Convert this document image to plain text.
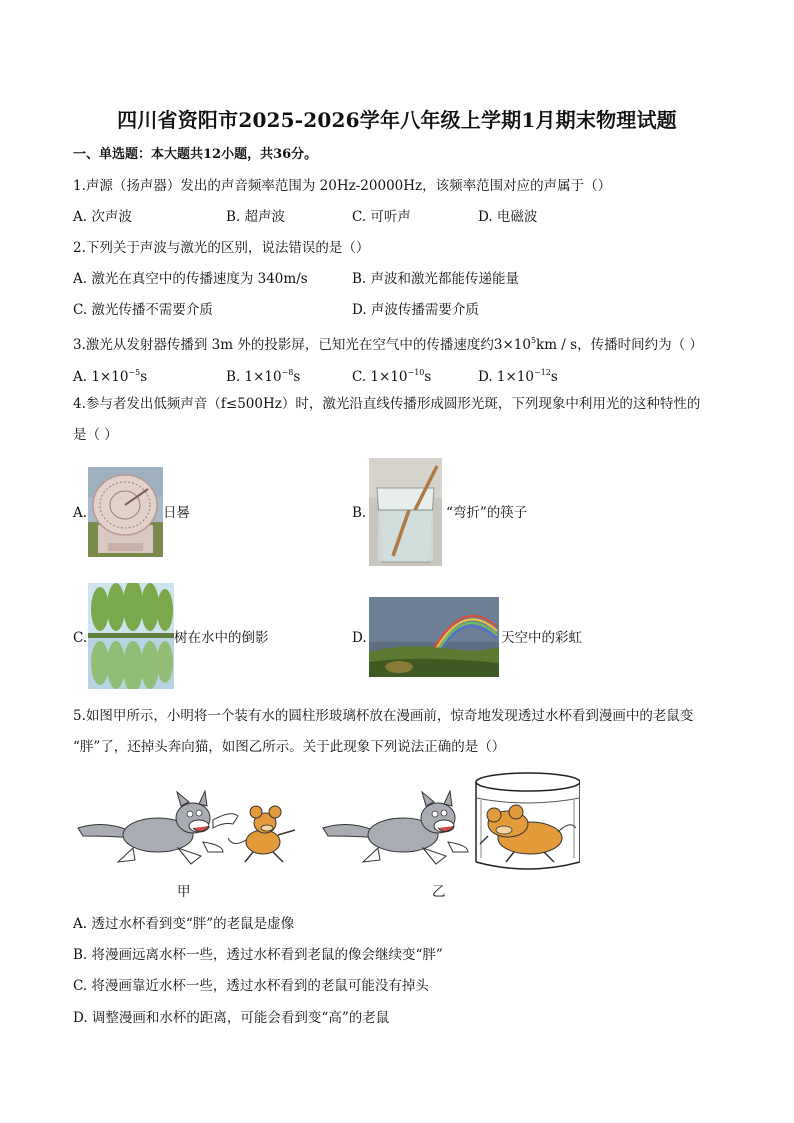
四川省资阳市2025-2026学年八年级上学期1月期末物理试题
一、单选题：本大题共12小题，共36分。
1.声源（扬声器）发出的声音频率范围为 20Hz-20000Hz，该频率范围对应的声属于（）
A. 次声波	B. 超声波	C. 可听声	D. 电磁波
2.下列关于声波与激光的区别，说法错误的是（）
A. 激光在真空中的传播速度为 340m/s	B. 声波和激光都能传递能量
C. 激光传播不需要介质	D. 声波传播需要介质
3.激光从发射器传播到 3m 外的投影屏，已知光在空气中的传播速度约$3\times 10^5km / s$，传播时间约为（ ）
A. $1\times 10^{-5}s$	B. $1\times 10^{-8}s$	C. $1\times 10^{-10}s$	D. $1\times 10^{-12}s$
4.参与者发出低频声音（f≤500Hz）时，激光沿直线传播形成圆形光斑，下列现象中利用光的这种特性的
是（ ）
A.	日晷	B.	“弯折”的筷子
C.	树在水中的倒影	D.	天空中的彩虹
5.如图甲所示，小明将一个装有水的圆柱形玻璃杯放在漫画前，惊奇地发现透过水杯看到漫画中的老鼠变
“胖”了，还掉头奔向猫，如图乙所示。关于此现象下列说法正确的是（）
甲	乙
A. 透过水杯看到变“胖”的老鼠是虚像
B. 将漫画远离水杯一些，透过水杯看到老鼠的像会继续变“胖”
C. 将漫画靠近水杯一些，透过水杯看到的老鼠可能没有掉头
D. 调整漫画和水杯的距离，可能会看到变“高”的老鼠
